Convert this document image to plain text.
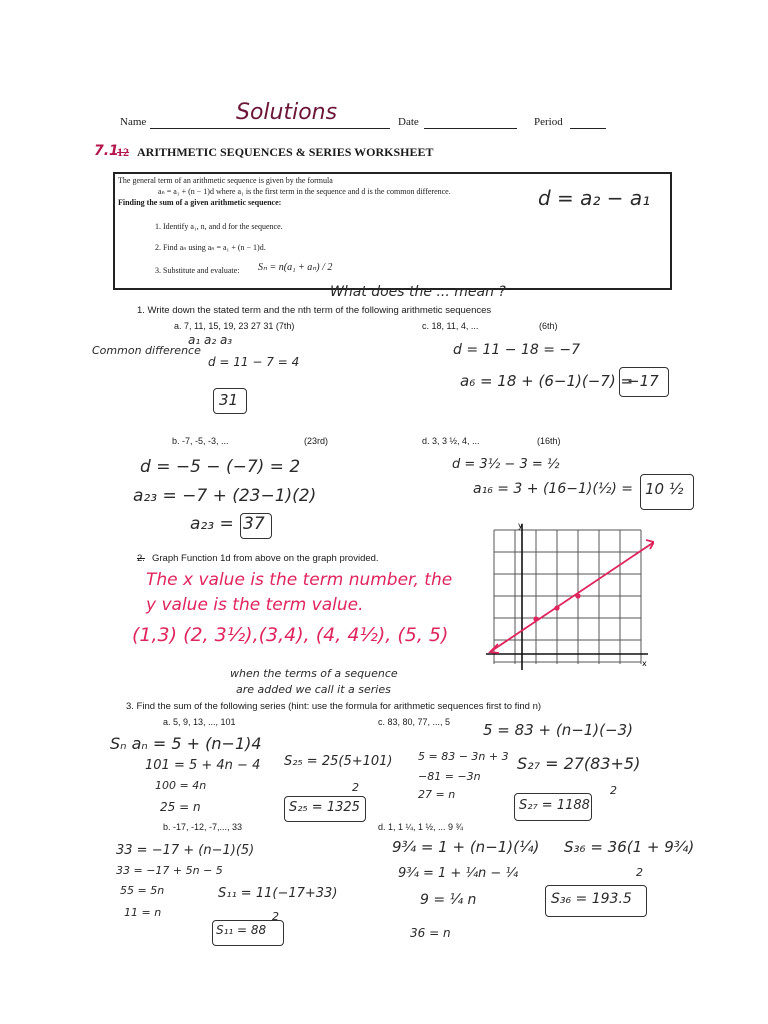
Name	Solutions	Date	Period
7.1
12 ARITHMETIC SEQUENCES & SERIES WORKSHEET
The general term of an arithmetic sequence is given by the formula
aₙ = a₁ + (n − 1)d where a₁ is the first term in the sequence and d is the common difference.
Finding the sum of a given arithmetic sequence:
1. Identify a₁, n, and d for the sequence.
2. Find aₙ using aₙ = a₁ + (n − 1)d.
3. Substitute and evaluate: Sₙ = n(a₁ + aₙ) / 2
d = a₂ − a₁
What does the ... mean ?
1. Write down the stated term and the nth term of the following arithmetic sequences
a. 7, 11, 15, 19, 23 27 31 (7th)
a₁ a₂ a₃
Common difference
d = 11 − 7 = 4
31
c. 18, 11, 4, ...	(6th)
d = 11 − 18 = −7
a₆ = 18 + (6−1)(−7) =
−17
b. -7, -5, -3, ...	(23rd)
d = −5 − (−7) = 2
a₂₃ = −7 + (23−1)(2)
a₂₃ = 37
d. 3, 3 ½, 4, ...	(16th)
d = 3½ − 3 = ½
a₁₆ = 3 + (16−1)(½) = 10 ½
2. Graph Function 1d from above on the graph provided.
The x value is the term number, the
y value is the term value.
(1,3) (2, 3½),(3,4), (4, 4½), (5, 5)
when the terms of a sequence
are added we call it a series
x
y
3. Find the sum of the following series (hint: use the formula for arithmetic sequences first to find n)
a. 5, 9, 13, ..., 101
Sₙ aₙ = 5 + (n−1)4
101 = 5 + 4n − 4
100 = 4n
25 = n
S₂₅ = 25(5+101)
2
S₂₅ = 1325
c. 83, 80, 77, ..., 5 5 = 83 + (n−1)(−3)
5 = 83 − 3n + 3
−81 = −3n
27 = n
S₂₇ = 27(83+5)
2
S₂₇ = 1188
b. -17, -12, -7,..., 33
33 = −17 + (n−1)(5)
33 = −17 + 5n − 5
55 = 5n
11 = n
S₁₁ = 11(−17+33)
2
S₁₁ = 88
d. 1, 1 ¼, 1 ½, ... 9 ¾
9¾ = 1 + (n−1)(¼)
9¾ = 1 + ¼n − ¼
9 = ¼ n
36 = n
S₃₆ = 36(1 + 9¾)
2
S₃₆ = 193.5
